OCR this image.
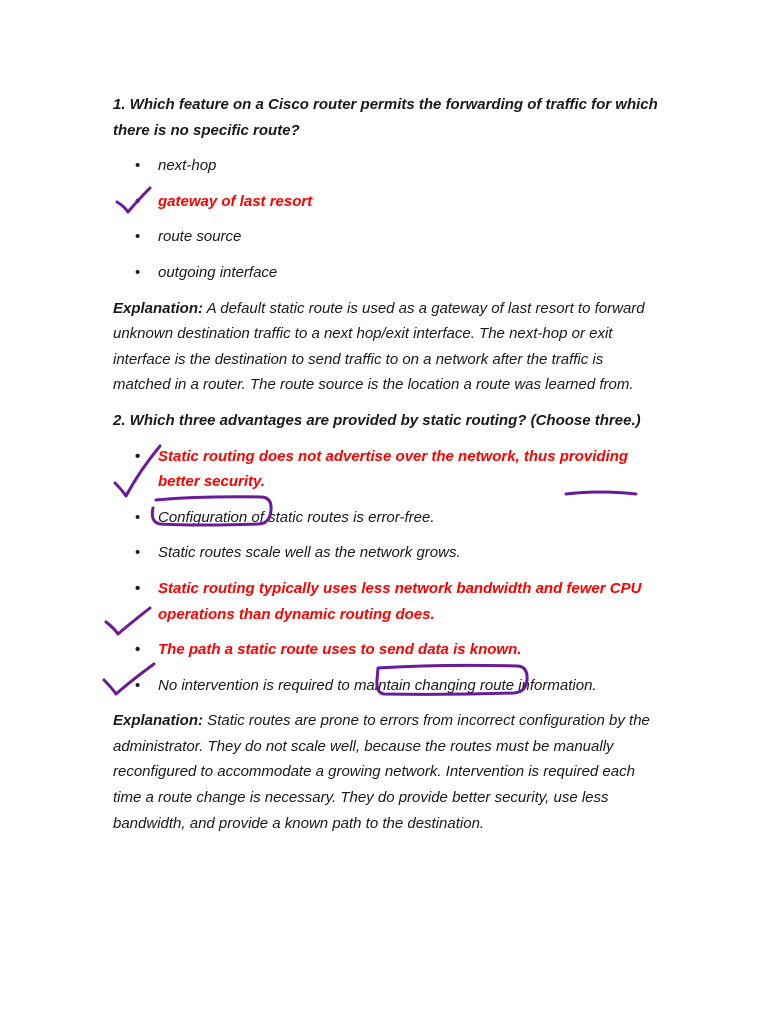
1. Which feature on a Cisco router permits the forwarding of traffic for which there is no specific route?

• next-hop
• gateway of last resort
• route source
• outgoing interface

Explanation: A default static route is used as a gateway of last resort to forward unknown destination traffic to a next hop/exit interface. The next-hop or exit interface is the destination to send traffic to on a network after the traffic is matched in a router. The route source is the location a route was learned from.

2. Which three advantages are provided by static routing? (Choose three.)

• Static routing does not advertise over the network, thus providing better security.
• Configuration of static routes is error-free.
• Static routes scale well as the network grows.
• Static routing typically uses less network bandwidth and fewer CPU operations than dynamic routing does.
• The path a static route uses to send data is known.
• No intervention is required to maintain changing route information.

Explanation: Static routes are prone to errors from incorrect configuration by the administrator. They do not scale well, because the routes must be manually reconfigured to accommodate a growing network. Intervention is required each time a route change is necessary. They do provide better security, use less bandwidth, and provide a known path to the destination.
